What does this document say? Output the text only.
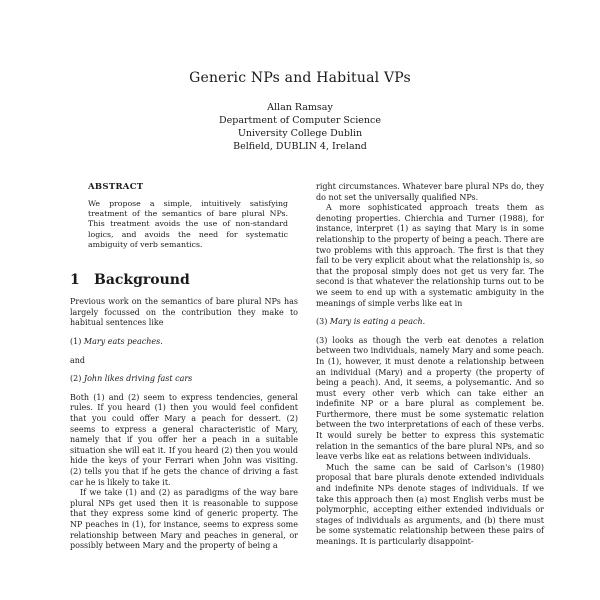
Generic NPs and Habitual VPs
Allan Ramsay
Department of Computer Science
University College Dublin
Belfield, DUBLIN 4, Ireland
ABSTRACT

We propose a simple, intuitively satisfying treatment of the semantics of bare plural NPs. This treatment avoids the use of non-standard logics, and avoids the need for systematic ambiguity of verb semantics.

1 Background

Previous work on the semantics of bare plural NPs has largely focussed on the contribution they make to habitual sentences like

(1) Mary eats peaches.
and
(2) John likes driving fast cars

Both (1) and (2) seem to express tendencies, general rules. If you heard (1) then you would feel confident that you could offer Mary a peach for dessert. (2) seems to express a general characteristic of Mary, namely that if you offer her a peach in a suitable situation she will eat it. If you heard (2) then you would hide the keys of your Ferrari when John was visiting. (2) tells you that if he gets the chance of driving a fast car he is likely to take it.

If we take (1) and (2) as paradigms of the way bare plural NPs get used then it is reasonable to suppose that they express some kind of generic property. The NP peaches in (1), for instance, seems to express some relationship between Mary and peaches in general, or possibly between Mary and the property of being a

right circumstances. Whatever bare plural NPs do, they do not set the universally qualified NPs.

A more sophisticated approach treats them as denoting properties. Chierchia and Turner (1988), for instance, interpret (1) as saying that Mary is in some relationship to the property of being a peach. There are two problems with this approach. The first is that they fail to be very explicit about what the relationship is, so that the proposal simply does not get us very far. The second is that whatever the relationship turns out to be we seem to end up with a systematic ambiguity in the meanings of simple verbs like eat in

(3) Mary is eating a peach.

(3) looks as though the verb eat denotes a relation between two individuals, namely Mary and some peach. In (1), however, it must denote a relationship between an individual (Mary) and a property (the property of being a peach). And, it seems, a polysemantic. And so must every other verb which can take either an indefinite NP or a bare plural as complement be. Furthermore, there must be some systematic relation between the two interpretations of each of these verbs. It would surely be better to express this systematic relation in the semantics of the bare plural NPs, and so leave verbs like eat as relations between individuals.

Much the same can be said of Carlson's (1980) proposal that bare plurals denote extended individuals and indefinite NPs denote stages of individuals. If we take this approach then (a) most English verbs must be polymorphic, accepting either extended individuals or stages of individuals as arguments, and (b) there must be some systematic relationship between these pairs of meanings. It is particularly disappoint-
